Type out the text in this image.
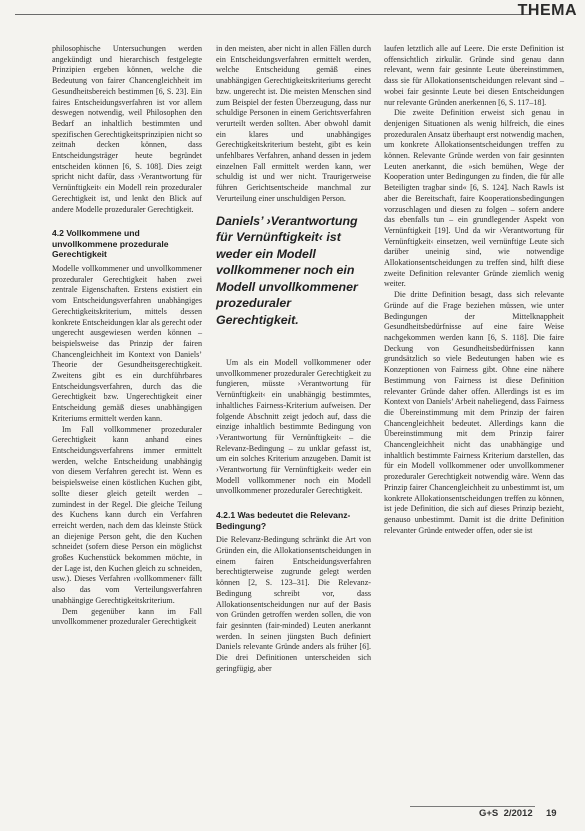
THEMA

philosophische Untersuchungen werden angekündigt und hierarchisch festgelegte Prinzipien ergeben können, welche die Bedeutung von fairer Chancengleichheit im Gesundheitsbereich bestimmen [6, S. 23]. Ein faires Entscheidungsverfahren ist vor allem deswegen notwendig, weil Philosophen den Bedarf an inhaltlich bestimmten und spezifischen Gerechtigkeitsprinzipien nicht so zeitnah decken können, dass Entscheidungsträger heute begründet entscheiden können [6, S. 108]. Dies zeigt spricht nicht dafür, dass ›Verantwortung für Vernünftigkeit‹ ein Modell rein prozeduraler Gerechtigkeit ist, und lenkt den Blick auf andere Modelle prozeduraler Gerechtigkeit.

4.2 Vollkommene und unvollkommene prozedurale Gerechtigkeit

Modelle vollkommener und unvollkommener prozeduraler Gerechtigkeit haben zwei zentrale Eigenschaften. Erstens existiert ein vom Entscheidungsverfahren unabhängiges Gerechtigkeitskriterium, mittels dessen konkrete Entscheidungen klar als gerecht oder ungerecht ausgewiesen werden können – beispielsweise das Prinzip der fairen Chancengleichheit im Kontext von Daniels’ Theorie der Gesundheitsgerechtigkeit. Zweitens gibt es ein durchführbares Entscheidungsverfahren, durch das die Gerechtigkeit bzw. Ungerechtigkeit einer Entscheidung gemäß dieses unabhängigen Kriteriums ermittelt werden kann.

Im Fall vollkommener prozeduraler Gerechtigkeit kann anhand eines Entscheidungsverfahrens immer ermittelt werden, welche Entscheidung unabhängig von diesem Verfahren gerecht ist. Wenn es beispielsweise einen köstlichen Kuchen gibt, sollte dieser gleich geteilt werden – zumindest in der Regel. Die gleiche Teilung des Kuchens kann durch ein Verfahren erreicht werden, nach dem das kleinste Stück an diejenige Person geht, die den Kuchen schneidet (sofern diese Person ein möglichst großes Kuchenstück bekommen möchte, in der Lage ist, den Kuchen gleich zu schneiden, usw.). Dieses Verfahren ›vollkommener‹ fällt also das vom Verteilungsverfahren unabhängige Gerechtigkeitskriterium.

Dem gegenüber kann im Fall unvollkommener prozeduraler Gerechtigkeit

in den meisten, aber nicht in allen Fällen durch ein Entscheidungsverfahren ermittelt werden, welche Entscheidung gemäß eines unabhängigen Gerechtigkeitskriteriums gerecht bzw. ungerecht ist. Die meisten Menschen sind zum Beispiel der festen Überzeugung, dass nur schuldige Personen in einem Gerichtsverfahren verurteilt werden sollten. Aber obwohl damit ein klares und unabhängiges Gerechtigkeitskriterium besteht, gibt es kein unfehlbares Verfahren, anhand dessen in jedem einzelnen Fall ermittelt werden kann, wer schuldig ist und wer nicht. Traurigerweise führen Gerichtsentscheide manchmal zur Verurteilung einer unschuldigen Person.

Daniels’ ›Verantwortung für Vernünftigkeit‹ ist weder ein Modell vollkommener noch ein Modell unvollkommener prozeduraler Gerechtigkeit.

Um als ein Modell vollkommener oder unvollkommener prozeduraler Gerechtigkeit zu fungieren, müsste ›Verantwortung für Vernünftigkeit‹ ein unabhängig bestimmtes, inhaltliches Fairness-Kriterium aufweisen. Der folgende Abschnitt zeigt jedoch auf, dass die einzige inhaltlich bestimmte Bedingung von ›Verantwortung für Vernünftigkeit‹ – die Relevanz-Bedingung – zu unklar gefasst ist, um ein solches Kriterium anzugeben. Damit ist ›Verantwortung für Vernünftigkeit‹ weder ein Modell vollkommener noch ein Modell unvollkommener prozeduraler Gerechtigkeit.

4.2.1 Was bedeutet die Relevanz-Bedingung?

Die Relevanz-Bedingung schränkt die Art von Gründen ein, die Allokationsentscheidungen in einem fairen Entscheidungsverfahren berechtigterweise zugrunde gelegt werden können [2, S. 123–31]. Die Relevanz-Bedingung schreibt vor, dass Allokationsentscheidungen nur auf der Basis von Gründen getroffen werden sollen, die von fair gesinnten (fair-minded) Leuten anerkannt werden. In seinen jüngsten Buch definiert Daniels relevante Gründe anders als früher [6]. Die drei Definitionen unterscheiden sich geringfügig, aber

laufen letztlich alle auf Leere. Die erste Definition ist offensichtlich zirkulär. Gründe sind genau dann relevant, wenn fair gesinnte Leute übereinstimmen, dass sie für Allokationsentscheidungen relevant sind – wobei fair gesinnte Leute bei diesen Entscheidungen nur relevante Gründen anerkennen [6, S. 117–18].

Die zweite Definition erweist sich genau in denjenigen Situationen als wenig hilfreich, die eines prozeduralen Ansatz überhaupt erst notwendig machen, um konkrete Allokationsentscheidungen treffen zu können. Relevante Gründe werden von fair gesinnten Leuten anerkannt, die »sich bemühen, Wege der Kooperation unter Bedingungen zu finden, die für alle Beteiligten tragbar sind« [6, S. 124]. Nach Rawls ist aber die Bereitschaft, faire Kooperationsbedingungen vorzuschlagen und diesen zu folgen – sofern andere das ebenfalls tun – ein grundlegender Aspekt von Vernünftigkeit [19]. Und da wir ›Verantwortung für Vernünftigkeit‹ einsetzen, weil vernünftige Leute sich darüber uneinig sind, wie notwendige Allokationsentscheidungen zu treffen sind, hilft diese zweite Definition relevanter Gründe ziemlich wenig weiter.

Die dritte Definition besagt, dass sich relevante Gründe auf die Frage beziehen müssen, wie unter Bedingungen der Mittelknappheit Gesundheitsbedürfnisse auf eine faire Weise nachgekommen werden kann [6, S. 118]. Die faire Deckung von Gesundheitsbedürfnissen kann grundsätzlich so viele Bedeutungen haben wie es Konzeptionen von Fairness gibt. Ohne eine nähere Bestimmung von Fairness ist diese Definition relevanter Gründe daher offen. Allerdings ist es im Kontext von Daniels’ Arbeit naheliegend, dass Fairness die Übereinstimmung mit dem Prinzip der fairen Chancengleichheit bedeutet. Allerdings kann die Übereinstimmung mit dem Prinzip fairer Chancengleichheit nicht das unabhängige und inhaltlich bestimmte Fairness Kriterium darstellen, das für ein Modell vollkommener oder unvollkommener prozeduraler Gerechtigkeit notwendig wäre. Wenn das Prinzip fairer Chancengleichheit zu unbestimmt ist, um konkrete Allokationsentscheidungen treffen zu können, ist jede Definition, die sich auf dieses Prinzip bezieht, genauso unbestimmt. Damit ist die dritte Definition relevanter Gründe entweder offen, oder sie ist

G+S 2/2012 19
